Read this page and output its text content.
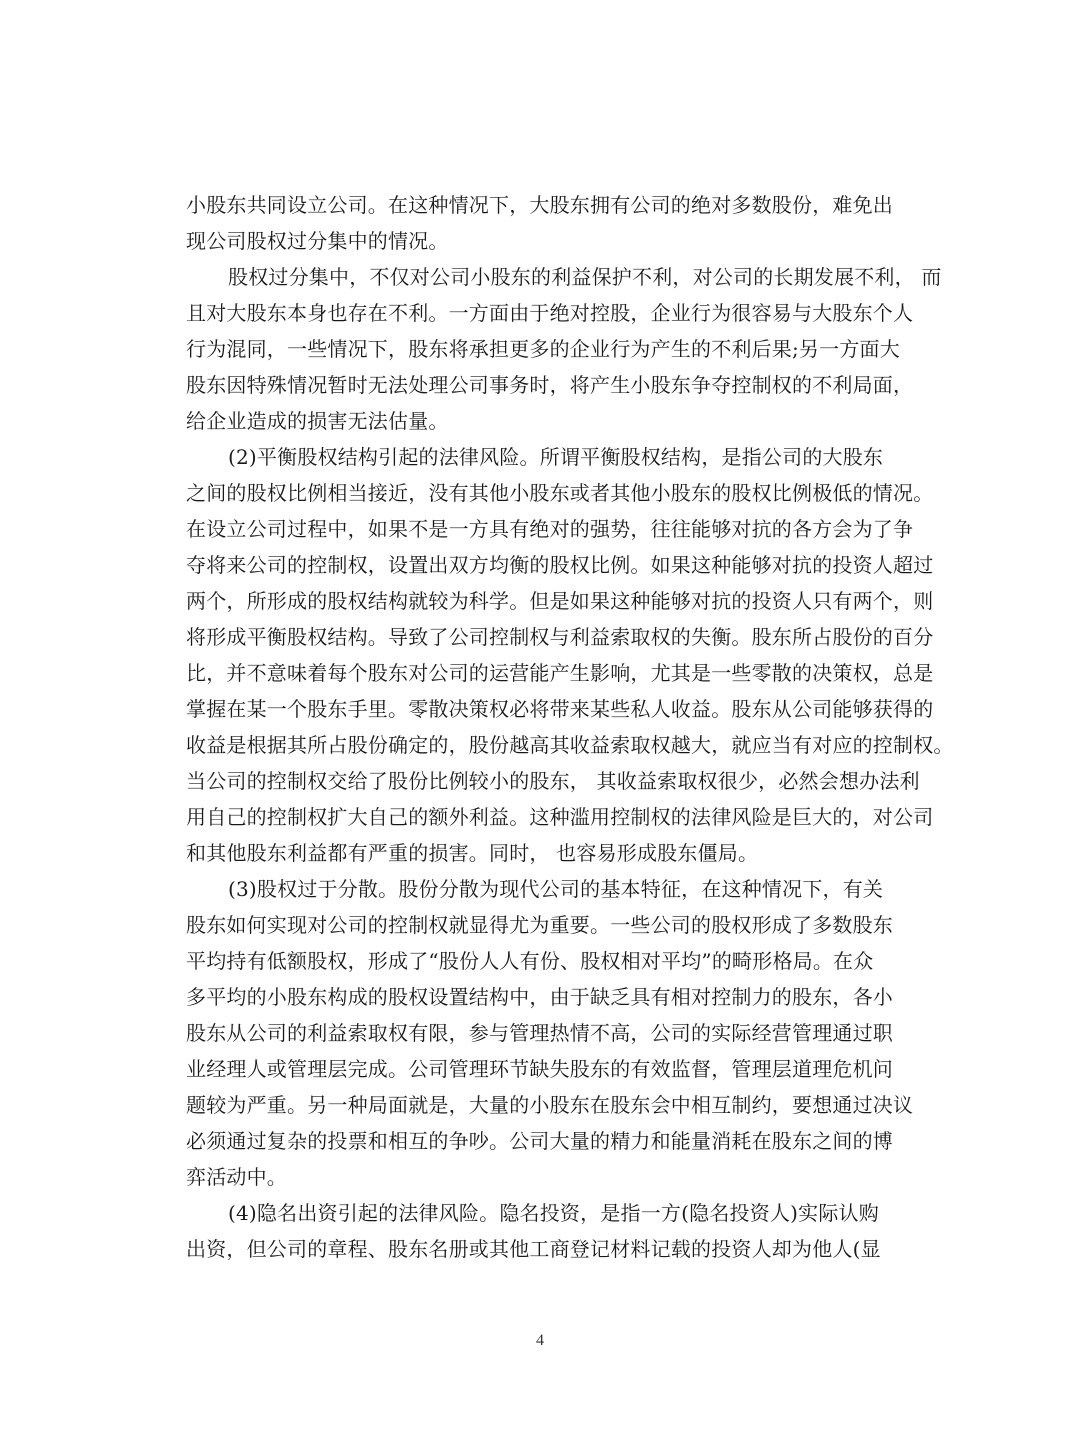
小股东共同设立公司。在这种情况下，大股东拥有公司的绝对多数股份，难免出
现公司股权过分集中的情况。
股权过分集中，不仅对公司小股东的利益保护不利，对公司的长期发展不利， 而
且对大股东本身也存在不利。一方面由于绝对控股，企业行为很容易与大股东个人
行为混同，一些情况下，股东将承担更多的企业行为产生的不利后果;另一方面大
股东因特殊情况暂时无法处理公司事务时，将产生小股东争夺控制权的不利局面，
给企业造成的损害无法估量。
(2)平衡股权结构引起的法律风险。所谓平衡股权结构，是指公司的大股东
之间的股权比例相当接近，没有其他小股东或者其他小股东的股权比例极低的情况。
在设立公司过程中，如果不是一方具有绝对的强势，往往能够对抗的各方会为了争
夺将来公司的控制权，设置出双方均衡的股权比例。如果这种能够对抗的投资人超过
两个，所形成的股权结构就较为科学。但是如果这种能够对抗的投资人只有两个，则
将形成平衡股权结构。导致了公司控制权与利益索取权的失衡。股东所占股份的百分
比，并不意味着每个股东对公司的运营能产生影响，尤其是一些零散的决策权，总是
掌握在某一个股东手里。零散决策权必将带来某些私人收益。股东从公司能够获得的
收益是根据其所占股份确定的，股份越高其收益索取权越大，就应当有对应的控制权。
当公司的控制权交给了股份比例较小的股东， 其收益索取权很少，必然会想办法利
用自己的控制权扩大自己的额外利益。这种滥用控制权的法律风险是巨大的，对公司
和其他股东利益都有严重的损害。同时， 也容易形成股东僵局。
(3)股权过于分散。股份分散为现代公司的基本特征，在这种情况下，有关
股东如何实现对公司的控制权就显得尤为重要。一些公司的股权形成了多数股东
平均持有低额股权，形成了“股份人人有份、股权相对平均”的畸形格局。在众
多平均的小股东构成的股权设置结构中，由于缺乏具有相对控制力的股东，各小
股东从公司的利益索取权有限，参与管理热情不高，公司的实际经营管理通过职
业经理人或管理层完成。公司管理环节缺失股东的有效监督，管理层道理危机问
题较为严重。另一种局面就是，大量的小股东在股东会中相互制约，要想通过决议
必须通过复杂的投票和相互的争吵。公司大量的精力和能量消耗在股东之间的博
弈活动中。
(4)隐名出资引起的法律风险。隐名投资，是指一方(隐名投资人)实际认购
出资，但公司的章程、股东名册或其他工商登记材料记载的投资人却为他人(显
4
